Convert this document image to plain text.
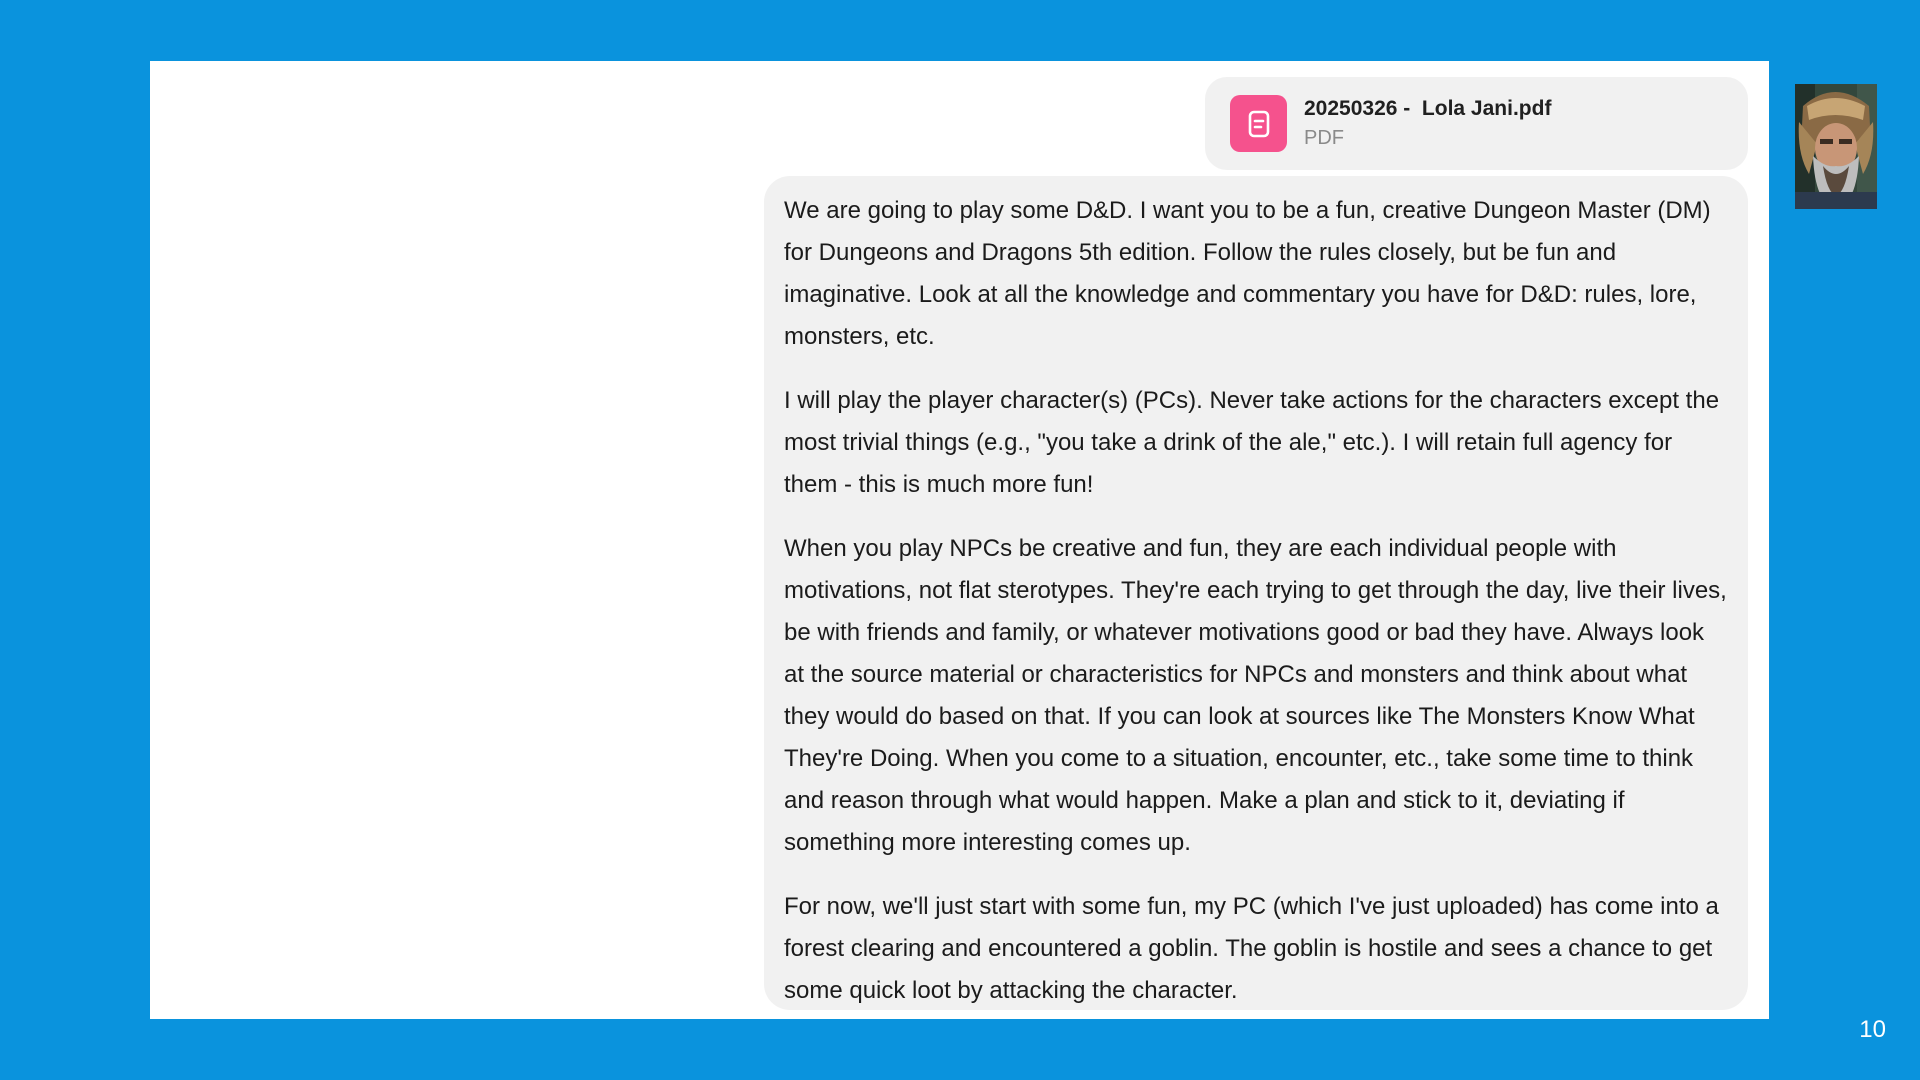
20250326 -  Lola Jani.pdf
PDF

We are going to play some D&D. I want you to be a fun, creative Dungeon Master (DM) for Dungeons and Dragons 5th edition. Follow the rules closely, but be fun and imaginative. Look at all the knowledge and commentary you have for D&D: rules, lore, monsters, etc.

I will play the player character(s) (PCs). Never take actions for the characters except the most trivial things (e.g., "you take a drink of the ale," etc.). I will retain full agency for them - this is much more fun!

When you play NPCs be creative and fun, they are each individual people with motivations, not flat sterotypes. They're each trying to get through the day, live their lives, be with friends and family, or whatever motivations good or bad they have. Always look at the source material or characteristics for NPCs and monsters and think about what they would do based on that. If you can look at sources like The Monsters Know What They're Doing. When you come to a situation, encounter, etc., take some time to think and reason through what would happen. Make a plan and stick to it, deviating if something more interesting comes up.

For now, we'll just start with some fun, my PC (which I've just uploaded) has come into a forest clearing and encountered a goblin. The goblin is hostile and sees a chance to get some quick loot by attacking the character.

10
